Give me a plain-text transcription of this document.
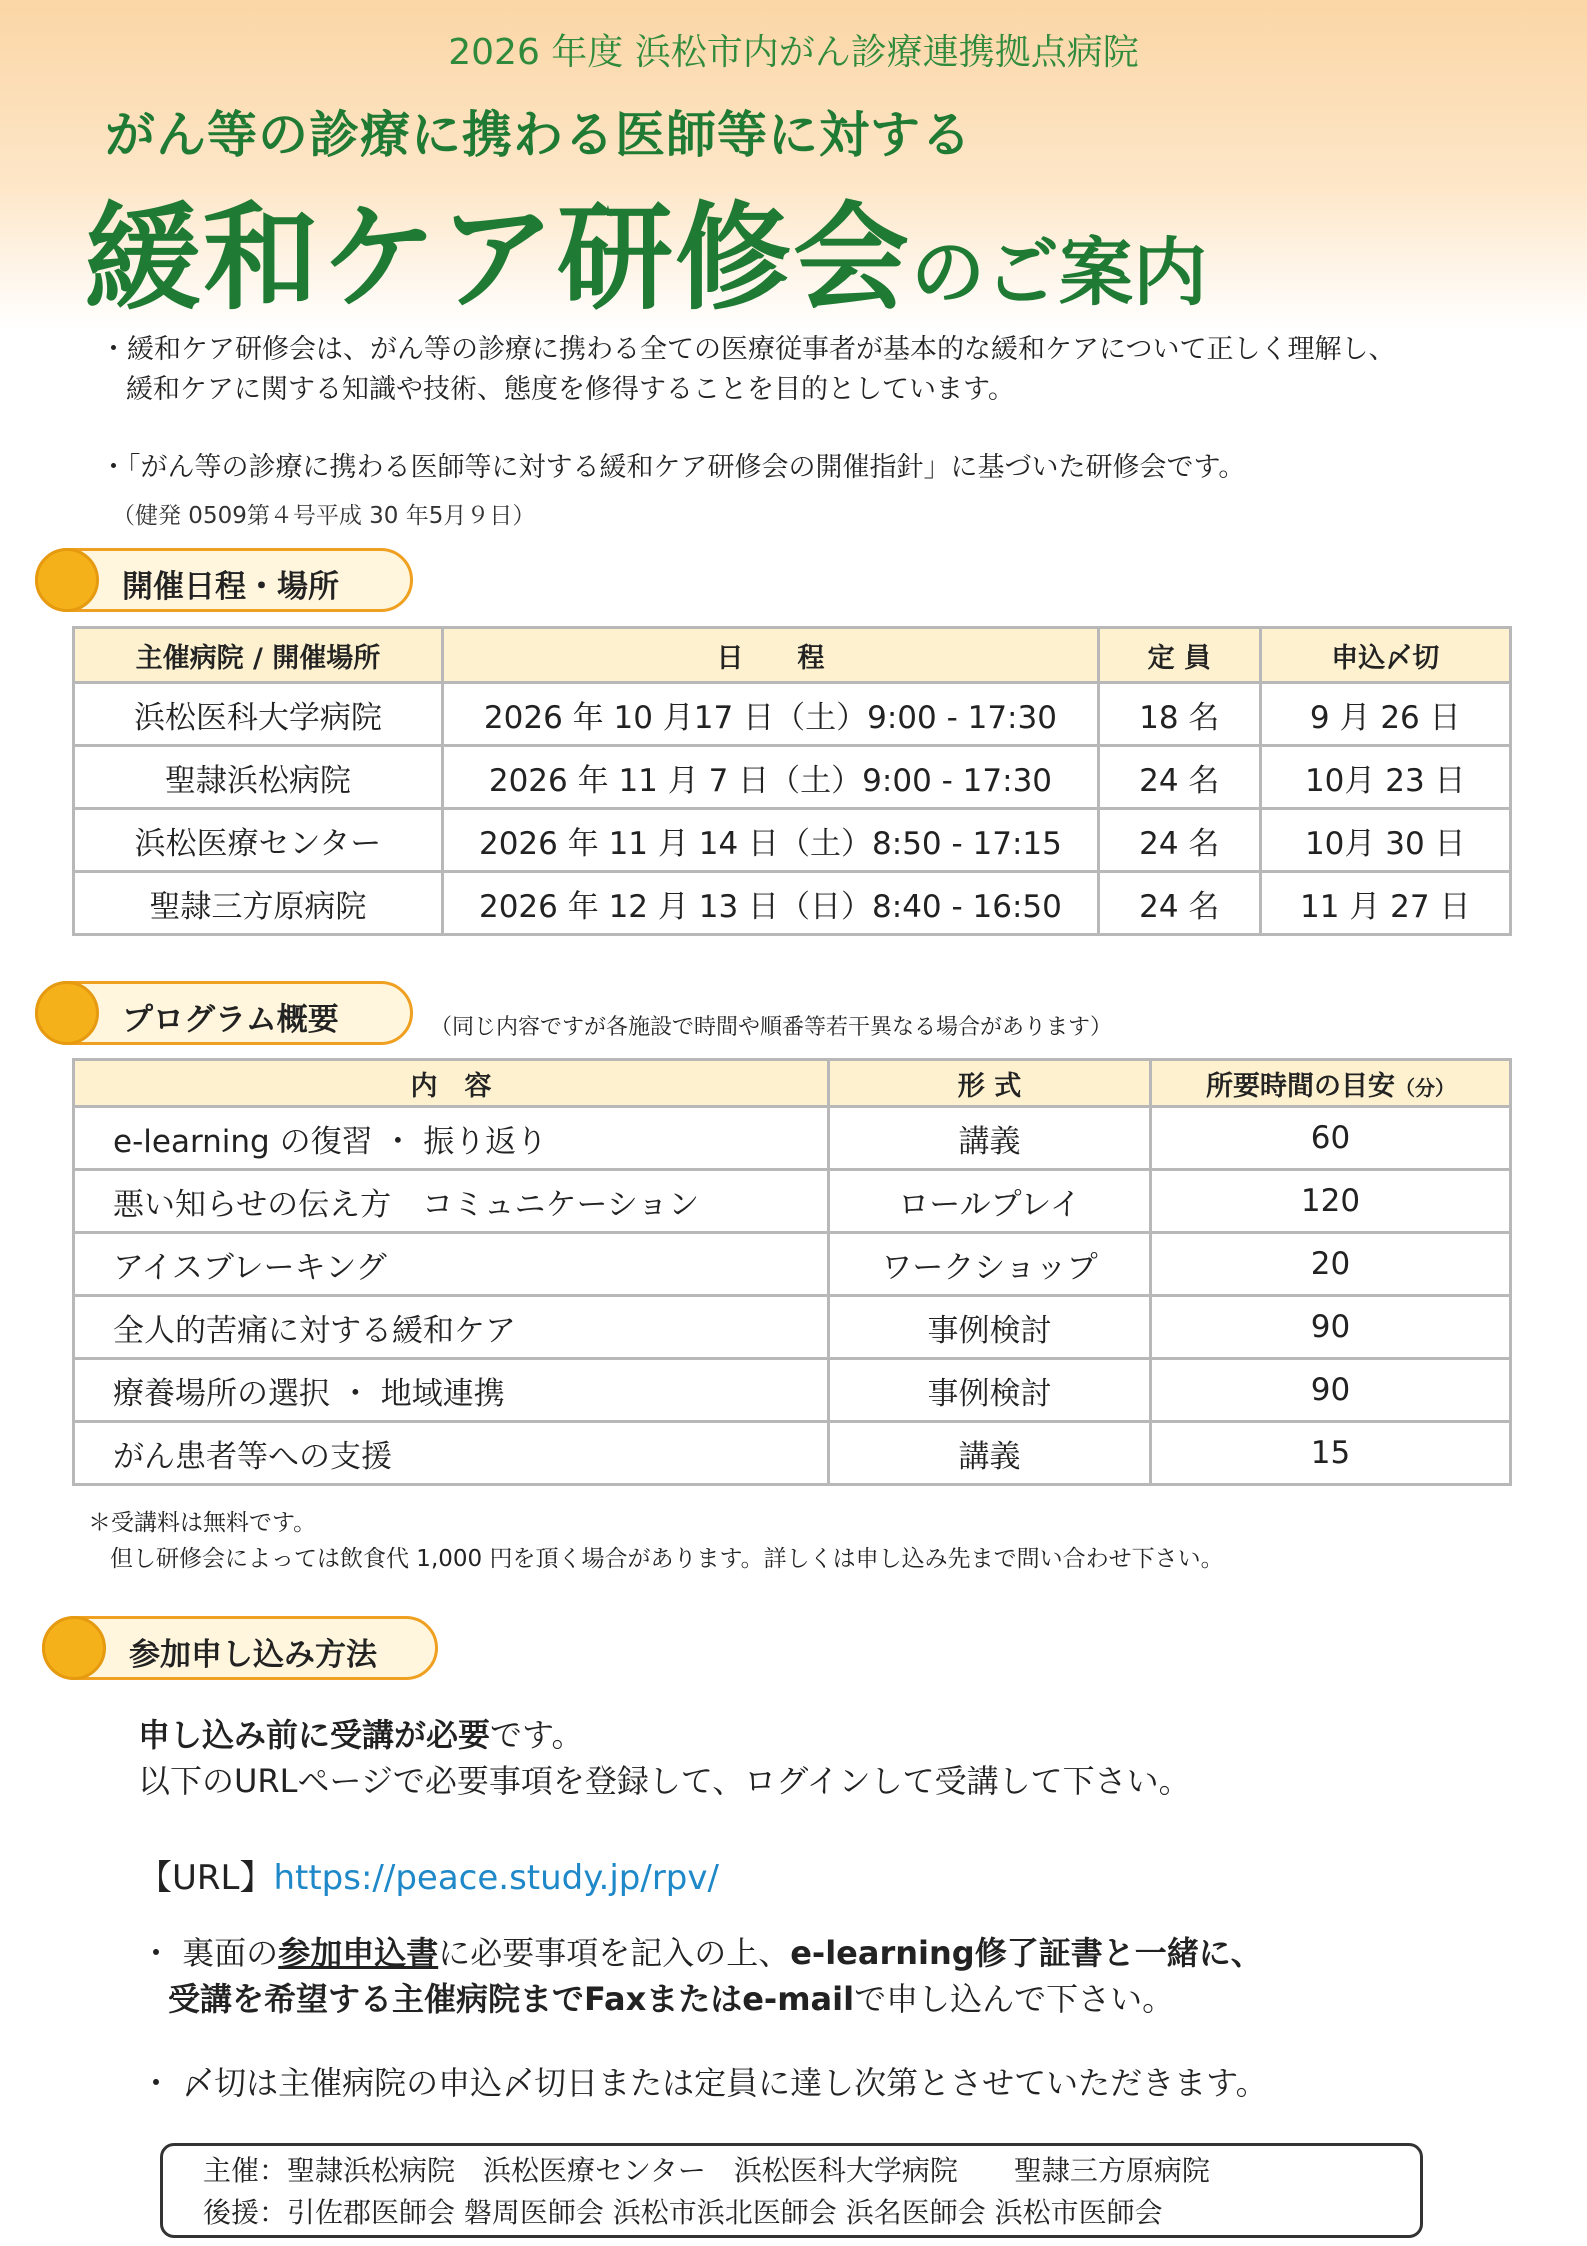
2026 年度 浜松市内がん診療連携拠点病院
がん等の診療に携わる医師等に対する
緩和ケア研修会のご案内
・緩和ケア研修会は、がん等の診療に携わる全ての医療従事者が基本的な緩和ケアについて正しく理解し、
緩和ケアに関する知識や技術、態度を修得することを目的としています。
・「がん等の診療に携わる医師等に対する緩和ケア研修会の開催指針」に基づいた研修会です。
（健発 0509第４号平成 30 年5月９日）
開催日程・場所
主催病院 / 開催場所	日　　程	定 員	申込〆切
浜松医科大学病院	2026 年 10 月17 日（土）9:00 - 17:30	18 名	9 月 26 日
聖隷浜松病院	2026 年 11 月 7 日（土）9:00 - 17:30	24 名	10月 23 日
浜松医療センター	2026 年 11 月 14 日（土）8:50 - 17:15	24 名	10月 30 日
聖隷三方原病院	2026 年 12 月 13 日（日）8:40 - 16:50	24 名	11 月 27 日
プログラム概要	（同じ内容ですが各施設で時間や順番等若干異なる場合があります）
内　容	形 式	所要時間の目安（分）
e-learning の復習 ・ 振り返り	講義	60
悪い知らせの伝え方　コミュニケーション	ロールプレイ	120
アイスブレーキング	ワークショップ	20
全人的苦痛に対する緩和ケア	事例検討	90
療養場所の選択 ・ 地域連携	事例検討	90
がん患者等への支援	講義	15
＊受講料は無料です。
但し研修会によっては飲食代 1,000 円を頂く場合があります。詳しくは申し込み先まで問い合わせ下さい。
参加申し込み方法
申し込み前に受講が必要です。
以下のURLページで必要事項を登録して、ログインして受講して下さい。
【URL】https://peace.study.jp/rpv/
・ 裏面の参加申込書に必要事項を記入の上、e-learning修了証書と一緒に、
受講を希望する主催病院までFaxまたはe-mailで申し込んで下さい。
・ 〆切は主催病院の申込〆切日または定員に達し次第とさせていただきます。
主催：聖隷浜松病院　浜松医療センター　浜松医科大学病院　　聖隷三方原病院
後援：引佐郡医師会 磐周医師会 浜松市浜北医師会 浜名医師会 浜松市医師会
